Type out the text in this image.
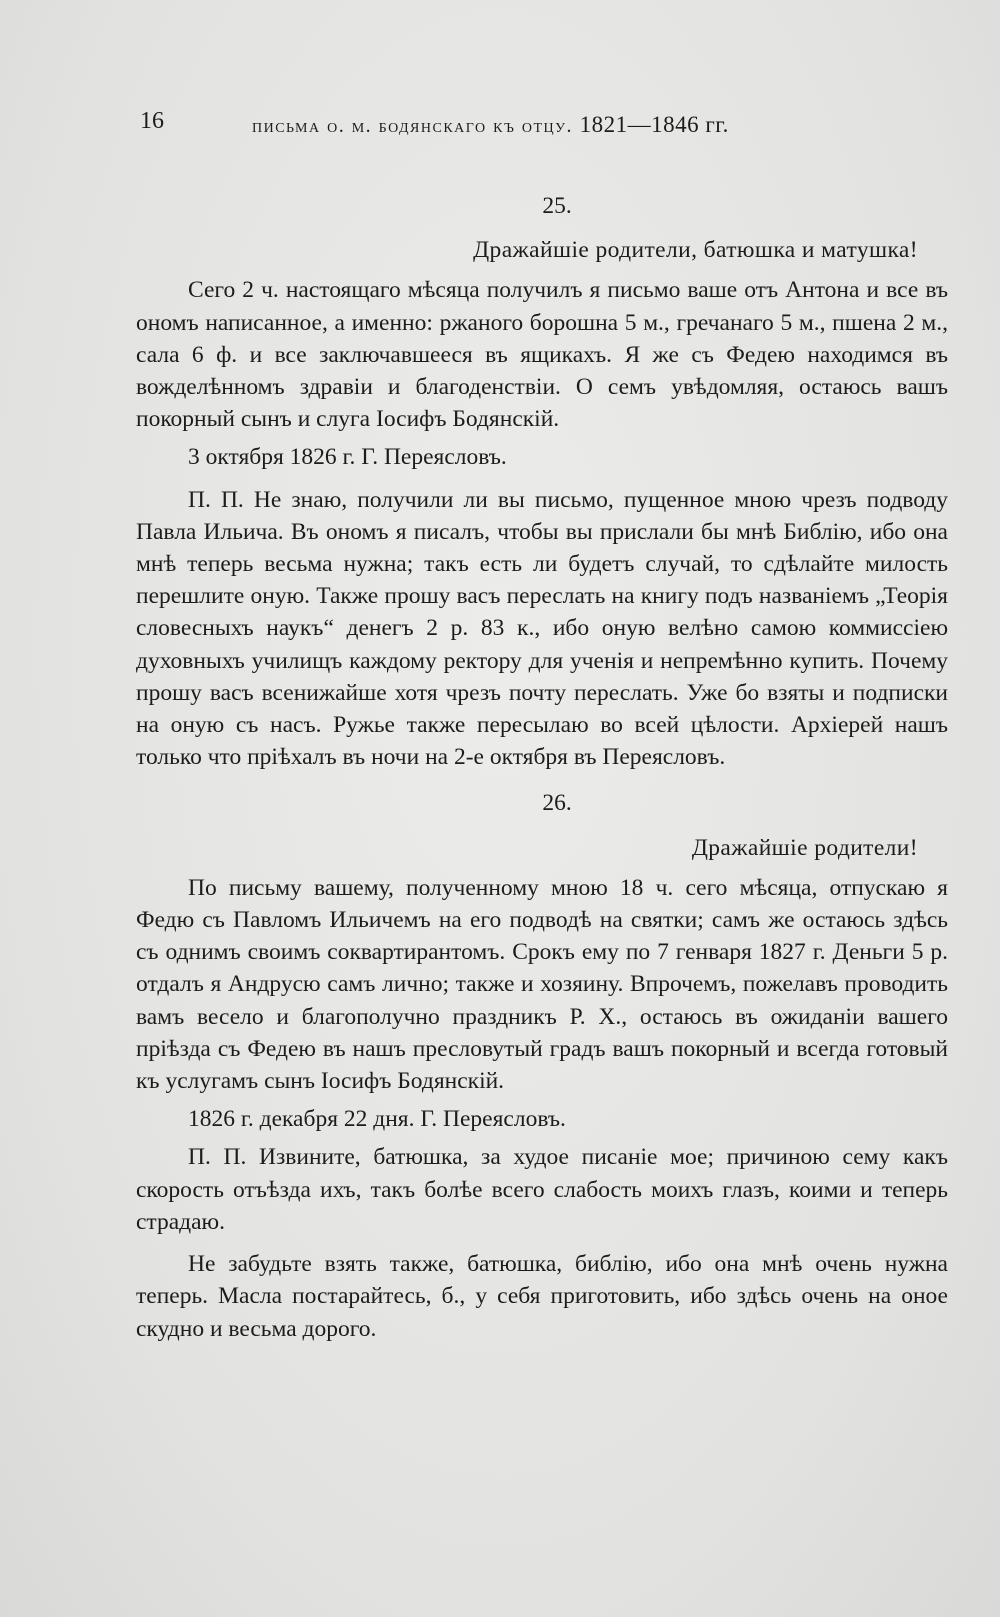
16	письма о. м. бодянскаго къ отцу. 1821—1846 гг.
25.
Дражайшіе родители, батюшка и матушка!

Сего 2 ч. настоящаго мѣсяца получилъ я письмо ваше отъ Антона и все въ ономъ написанное, а именно: ржаного борошна 5 м., гречанаго 5 м., пшена 2 м., сала 6 ф. и все заключавшееся въ ящикахъ. Я же съ Федею находимся въ вожделѣнномъ здравіи и благоденствіи. О семъ увѣдомляя, остаюсь вашъ покорный сынъ и слуга Іосифъ Бодянскій.

3 октября 1826 г. Г. Переясловъ.

П. П. Не знаю, получили ли вы письмо, пущенное мною чрезъ подводу Павла Ильича. Въ ономъ я писалъ, чтобы вы прислали бы мнѣ Библію, ибо она мнѣ теперь весьма нужна; такъ есть ли будетъ случай, то сдѣлайте милость перешлите оную. Также прошу васъ переслать на книгу подъ названіемъ „Теорія словесныхъ наукъ“ денегъ 2 р. 83 к., ибо оную велѣно самою коммиссіею духовныхъ училищъ каждому ректору для ученія и непремѣнно купить. Почему прошу васъ всенижайше хотя чрезъ почту переслать. Уже бо взяты и подписки на оную съ насъ. Ружье также пересылаю во всей цѣлости. Архіерей нашъ только что пріѣхалъ въ ночи на 2-е октября въ Переясловъ.

26.
Дражайшіе родители!

По письму вашему, полученному мною 18 ч. сего мѣсяца, отпускаю я Федю съ Павломъ Ильичемъ на его подводѣ на святки; самъ же остаюсь здѣсь съ однимъ своимъ соквартирантомъ. Срокъ ему по 7 генваря 1827 г. Деньги 5 р. отдалъ я Андрусю самъ лично; также и хозяину. Впрочемъ, пожелавъ проводить вамъ весело и благополучно праздникъ Р. Х., остаюсь въ ожиданіи вашего пріѣзда съ Федею въ нашъ пресловутый градъ вашъ покорный и всегда готовый къ услугамъ сынъ Іосифъ Бодянскій.

1826 г. декабря 22 дня. Г. Переясловъ.

П. П. Извините, батюшка, за худое писаніе мое; причиною сему какъ скорость отъѣзда ихъ, такъ болѣе всего слабость моихъ глазъ, коими и теперь страдаю.

Не забудьте взять также, батюшка, библію, ибо она мнѣ очень нужна теперь. Масла постарайтесь, б., у себя приготовить, ибо здѣсь очень на оное скудно и весьма дорого.
